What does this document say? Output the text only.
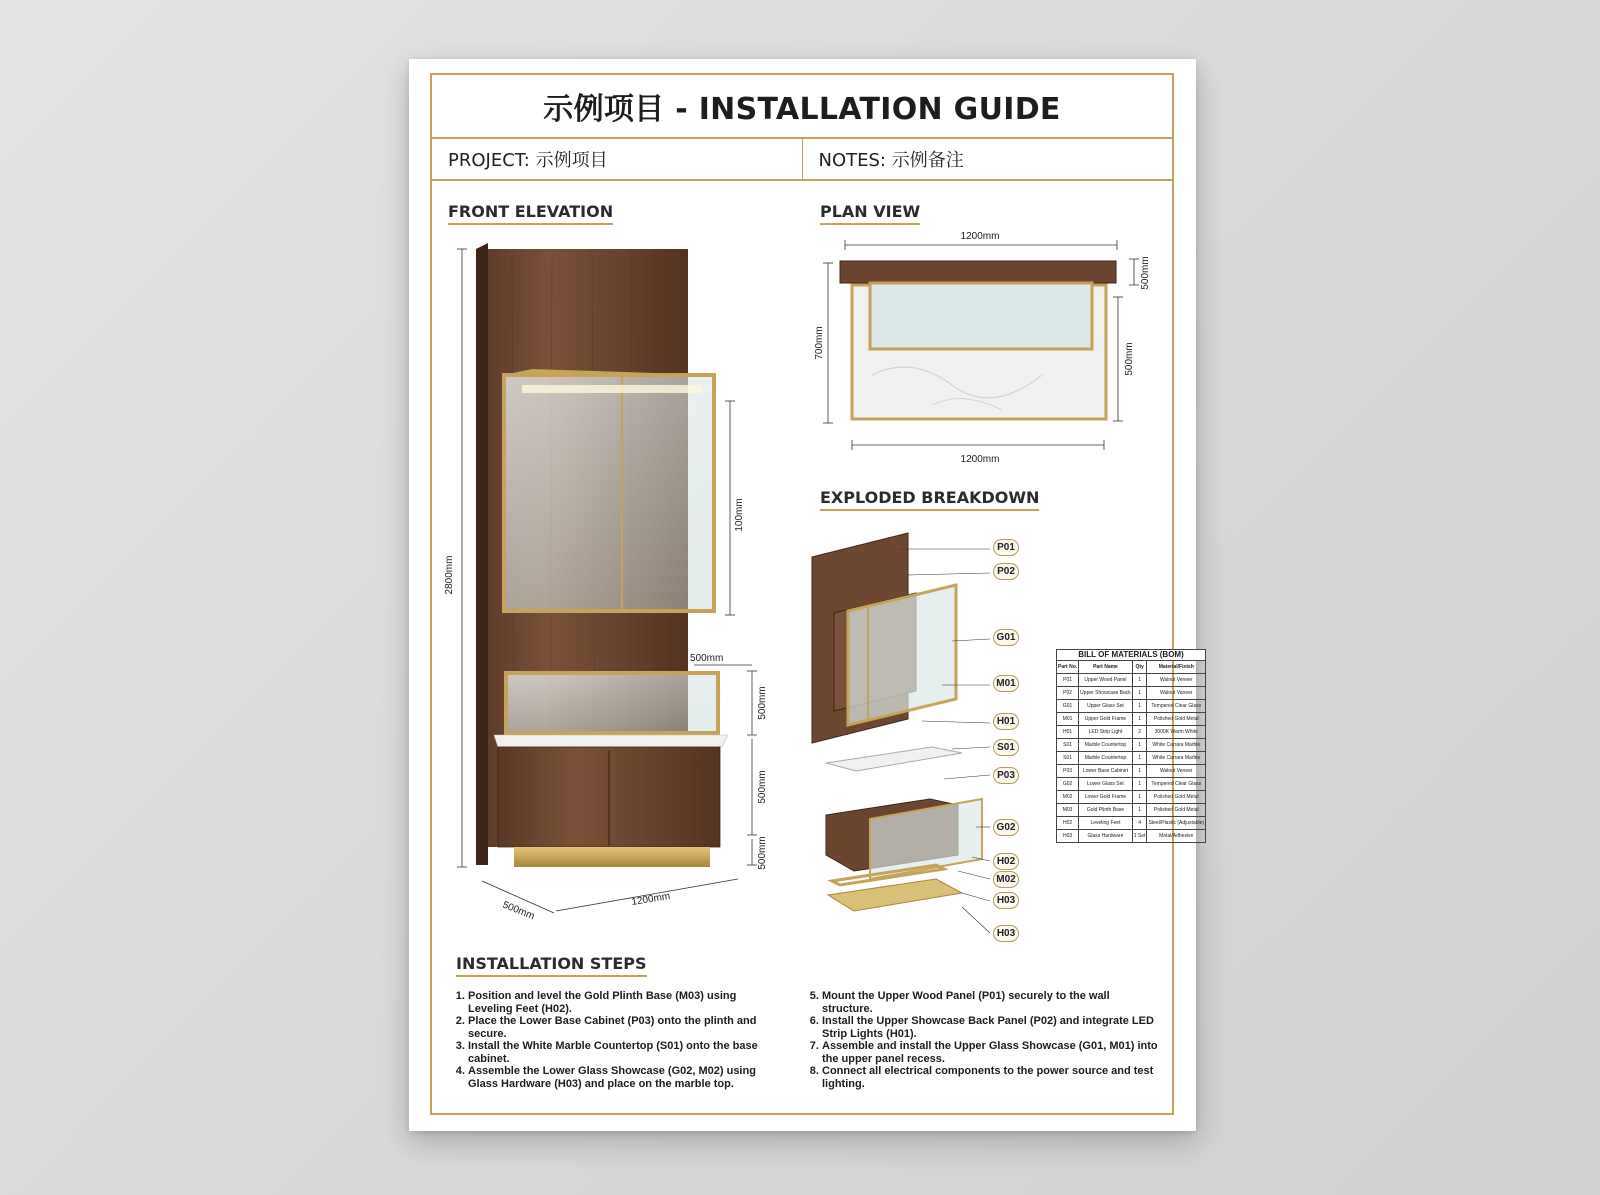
示例项目 - INSTALLATION GUIDE
PROJECT: 示例项目	NOTES: 示例备注
FRONT ELEVATION	PLAN VIEW
EXPLODED BREAKDOWN
INSTALLATION STEPS
2800mm
100mm
500mm
500mm
500mm
500mm
500mm
1200mm
1200mm
1200mm
700mm	500mm
500mm
P01
P02
G01
M01
H01
S01
P03
G02
H02
M02
H03
H03
BILL OF MATERIALS (BOM)
Part No.	Part Name	Qty	Material/Finish
P01	Upper Wood Panel	1	Walnut Veneer
P02	Upper Showcase Back	1	Walnut Veneer
G01	Upper Glass Set	1	Tempered Clear Glass
M01	Upper Gold Frame	1	Polished Gold Metal
H01	LED Strip Light	2	3000K Warm White
S01	Marble Countertop	1	White Carrara Marble
S01	Marble Countertop	1	White Carrara Marble
P03	Lower Base Cabinet	1	Walnut Veneer
G02	Lower Glass Set	1	Tempered Clear Glass
M02	Lower Gold Frame	1	Polished Gold Metal
M03	Gold Plinth Base	1	Polished Gold Metal
H02	Leveling Feet	4	Steel/Plastic (Adjustable)
H03	Glass Hardware	1 Set	Metal/Adhesive
1. Position and level the Gold Plinth Base (M03) using Leveling Feet (H02).
2. Place the Lower Base Cabinet (P03) onto the plinth and secure.
3. Install the White Marble Countertop (S01) onto the base cabinet.
4. Assemble the Lower Glass Showcase (G02, M02) using Glass Hardware (H03) and place on the marble top.
5. Mount the Upper Wood Panel (P01) securely to the wall structure.
6. Install the Upper Showcase Back Panel (P02) and integrate LED Strip Lights (H01).
7. Assemble and install the Upper Glass Showcase (G01, M01) into the upper panel recess.
8. Connect all electrical components to the power source and test lighting.
